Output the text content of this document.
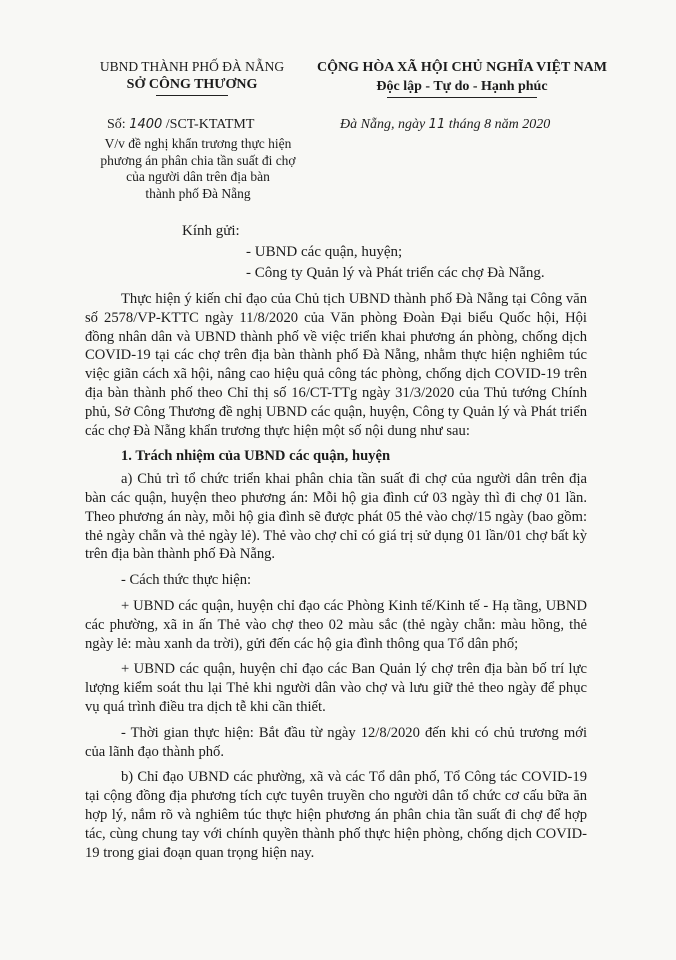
UBND THÀNH PHỐ ĐÀ NẴNG
SỞ CÔNG THƯƠNG
CỘNG HÒA XÃ HỘI CHỦ NGHĨA VIỆT NAM
Độc lập - Tự do - Hạnh phúc
Số: 1400 /SCT-KTATMT	Đà Nẵng, ngày 11 tháng 8 năm 2020
V/v đề nghị khẩn trương thực hiện
phương án phân chia tần suất đi chợ
của người dân trên địa bàn
thành phố Đà Nẵng
Kính gửi:
- UBND các quận, huyện;
- Công ty Quản lý và Phát triển các chợ Đà Nẵng.

Thực hiện ý kiến chỉ đạo của Chủ tịch UBND thành phố Đà Nẵng tại Công văn số 2578/VP-KTTC ngày 11/8/2020 của Văn phòng Đoàn Đại biểu Quốc hội, Hội đồng nhân dân và UBND thành phố về việc triển khai phương án phòng, chống dịch COVID-19 tại các chợ trên địa bàn thành phố Đà Nẵng, nhằm thực hiện nghiêm túc việc giãn cách xã hội, nâng cao hiệu quả công tác phòng, chống dịch COVID-19 trên địa bàn thành phố theo Chỉ thị số 16/CT-TTg ngày 31/3/2020 của Thủ tướng Chính phủ, Sở Công Thương đề nghị UBND các quận, huyện, Công ty Quản lý và Phát triển các chợ Đà Nẵng khẩn trương thực hiện một số nội dung như sau:

1. Trách nhiệm của UBND các quận, huyện

a) Chủ trì tổ chức triển khai phân chia tần suất đi chợ của người dân trên địa bàn các quận, huyện theo phương án: Mỗi hộ gia đình cứ 03 ngày thì đi chợ 01 lần. Theo phương án này, mỗi hộ gia đình sẽ được phát 05 thẻ vào chợ/15 ngày (bao gồm: thẻ ngày chẵn và thẻ ngày lẻ). Thẻ vào chợ chỉ có giá trị sử dụng 01 lần/01 chợ bất kỳ trên địa bàn thành phố Đà Nẵng.

- Cách thức thực hiện:

+ UBND các quận, huyện chỉ đạo các Phòng Kinh tế/Kinh tế - Hạ tầng, UBND các phường, xã in ấn Thẻ vào chợ theo 02 màu sắc (thẻ ngày chẵn: màu hồng, thẻ ngày lẻ: màu xanh da trời), gửi đến các hộ gia đình thông qua Tổ dân phố;

+ UBND các quận, huyện chỉ đạo các Ban Quản lý chợ trên địa bàn bố trí lực lượng kiểm soát thu lại Thẻ khi người dân vào chợ và lưu giữ thẻ theo ngày để phục vụ quá trình điều tra dịch tễ khi cần thiết.

- Thời gian thực hiện: Bắt đầu từ ngày 12/8/2020 đến khi có chủ trương mới của lãnh đạo thành phố.

b) Chỉ đạo UBND các phường, xã và các Tổ dân phố, Tổ Công tác COVID-19 tại cộng đồng địa phương tích cực tuyên truyền cho người dân tổ chức cơ cấu bữa ăn hợp lý, nắm rõ và nghiêm túc thực hiện phương án phân chia tần suất đi chợ để hợp tác, cùng chung tay với chính quyền thành phố thực hiện phòng, chống dịch COVID-19 trong giai đoạn quan trọng hiện nay.
